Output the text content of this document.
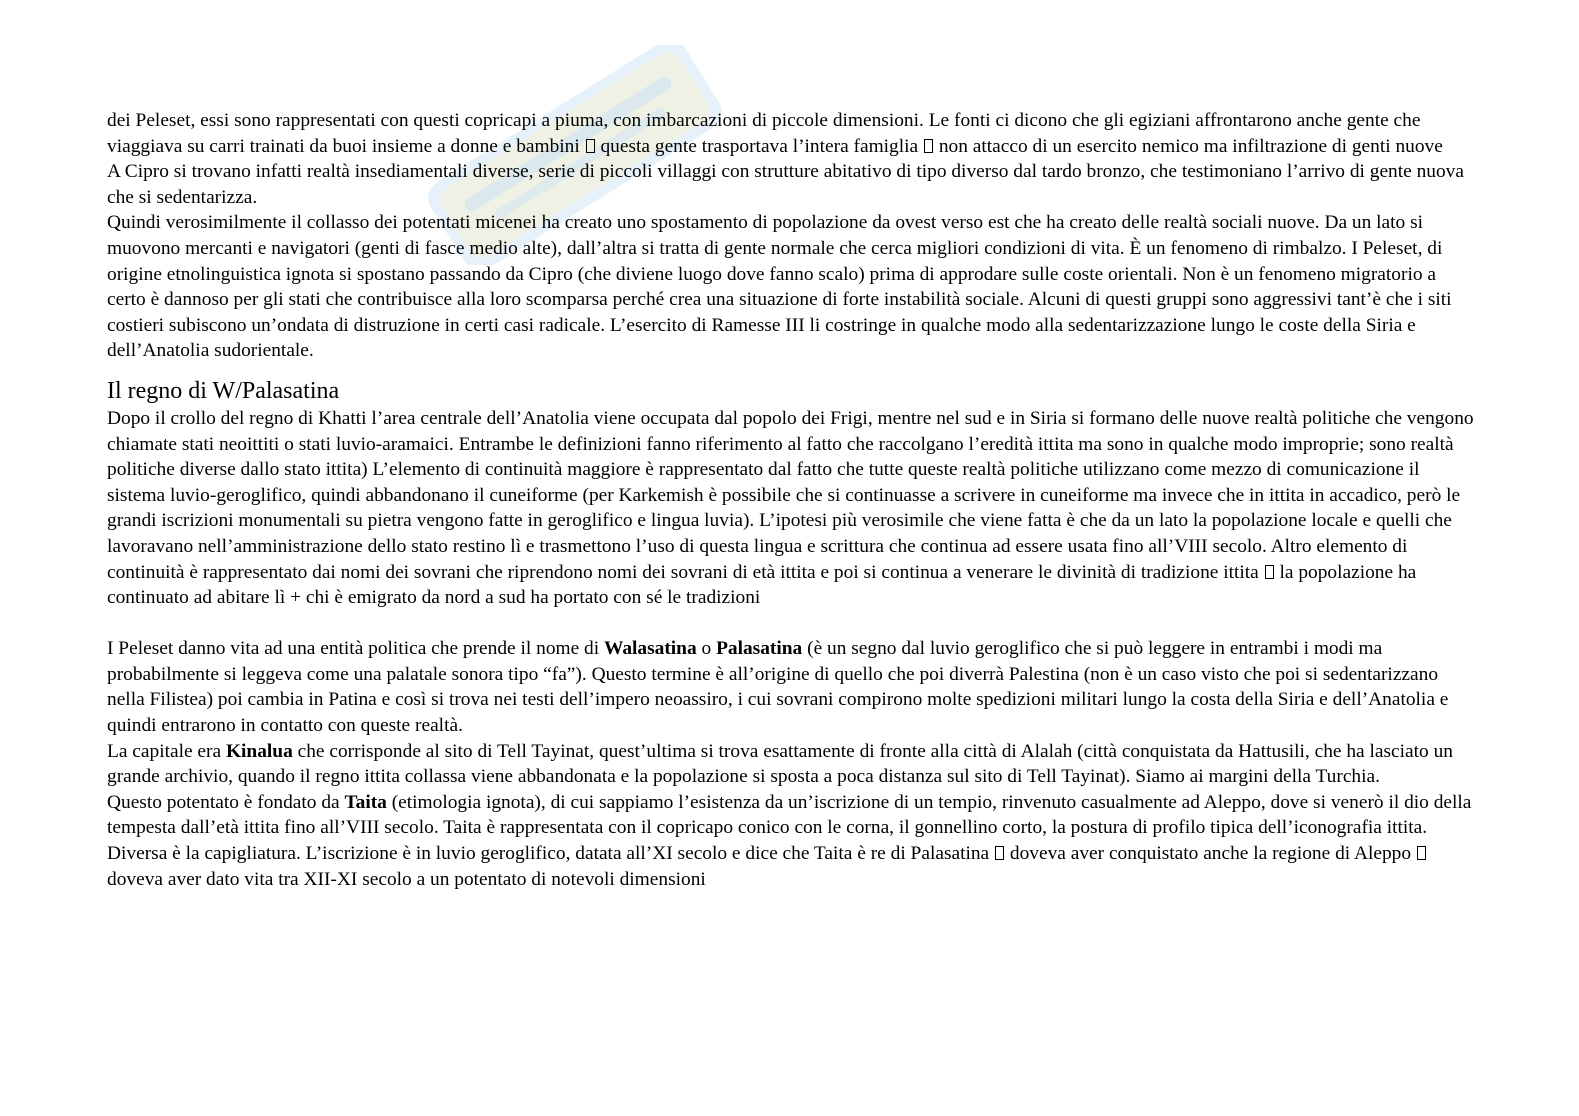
dei Peleset, essi sono rappresentati con questi copricapi a piuma, con imbarcazioni di piccole dimensioni. Le fonti ci dicono che gli egiziani affrontarono anche gente che viaggiava su carri trainati da buoi insieme a donne e bambini questa gente trasportava l’intera famiglia non attacco di un esercito nemico ma infiltrazione di genti nuove

A Cipro si trovano infatti realtà insediamentali diverse, serie di piccoli villaggi con strutture abitativo di tipo diverso dal tardo bronzo, che testimoniano l’arrivo di gente nuova che si sedentarizza.

Quindi verosimilmente il collasso dei potentati micenei ha creato uno spostamento di popolazione da ovest verso est che ha creato delle realtà sociali nuove. Da un lato si muovono mercanti e navigatori (genti di fasce medio alte), dall’altra si tratta di gente normale che cerca migliori condizioni di vita. È un fenomeno di rimbalzo. I Peleset, di origine etnolinguistica ignota si spostano passando da Cipro (che diviene luogo dove fanno scalo) prima di approdare sulle coste orientali. Non è un fenomeno migratorio a certo è dannoso per gli stati che contribuisce alla loro scomparsa perché crea una situazione di forte instabilità sociale. Alcuni di questi gruppi sono aggressivi tant’è che i siti costieri subiscono un’ondata di distruzione in certi casi radicale. L’esercito di Ramesse III li costringe in qualche modo alla sedentarizzazione lungo le coste della Siria e dell’Anatolia sudorientale.

Il regno di W/Palasatina

Dopo il crollo del regno di Khatti l’area centrale dell’Anatolia viene occupata dal popolo dei Frigi, mentre nel sud e in Siria si formano delle nuove realtà politiche che vengono chiamate stati neoittiti o stati luvio-aramaici. Entrambe le definizioni fanno riferimento al fatto che raccolgano l’eredità ittita ma sono in qualche modo improprie; sono realtà politiche diverse dallo stato ittita) L’elemento di continuità maggiore è rappresentato dal fatto che tutte queste realtà politiche utilizzano come mezzo di comunicazione il sistema luvio-geroglifico, quindi abbandonano il cuneiforme (per Karkemish è possibile che si continuasse a scrivere in cuneiforme ma invece che in ittita in accadico, però le grandi iscrizioni monumentali su pietra vengono fatte in geroglifico e lingua luvia). L’ipotesi più verosimile che viene fatta è che da un lato la popolazione locale e quelli che lavoravano nell’amministrazione dello stato restino lì e trasmettono l’uso di questa lingua e scrittura che continua ad essere usata fino all’VIII secolo. Altro elemento di continuità è rappresentato dai nomi dei sovrani che riprendono nomi dei sovrani di età ittita e poi si continua a venerare le divinità di tradizione ittita la popolazione ha continuato ad abitare lì + chi è emigrato da nord a sud ha portato con sé le tradizioni

I Peleset danno vita ad una entità politica che prende il nome di Walasatina o Palasatina (è un segno dal luvio geroglifico che si può leggere in entrambi i modi ma probabilmente si leggeva come una palatale sonora tipo “fa”). Questo termine è all’origine di quello che poi diverrà Palestina (non è un caso visto che poi si sedentarizzano nella Filistea) poi cambia in Patina e così si trova nei testi dell’impero neoassiro, i cui sovrani compirono molte spedizioni militari lungo la costa della Siria e dell’Anatolia e quindi entrarono in contatto con queste realtà.

La capitale era Kinalua che corrisponde al sito di Tell Tayinat, quest’ultima si trova esattamente di fronte alla città di Alalah (città conquistata da Hattusili, che ha lasciato un grande archivio, quando il regno ittita collassa viene abbandonata e la popolazione si sposta a poca distanza sul sito di Tell Tayinat). Siamo ai margini della Turchia.

Questo potentato è fondato da Taita (etimologia ignota), di cui sappiamo l’esistenza da un’iscrizione di un tempio, rinvenuto casualmente ad Aleppo, dove si venerò il dio della tempesta dall’età ittita fino all’VIII secolo. Taita è rappresentata con il copricapo conico con le corna, il gonnellino corto, la postura di profilo tipica dell’iconografia ittita. Diversa è la capigliatura. L’iscrizione è in luvio geroglifico, datata all’XI secolo e dice che Taita è re di Palasatina doveva aver conquistato anche la regione di Aleppo  doveva aver dato vita tra XII-XI secolo a un potentato di notevoli dimensioni
